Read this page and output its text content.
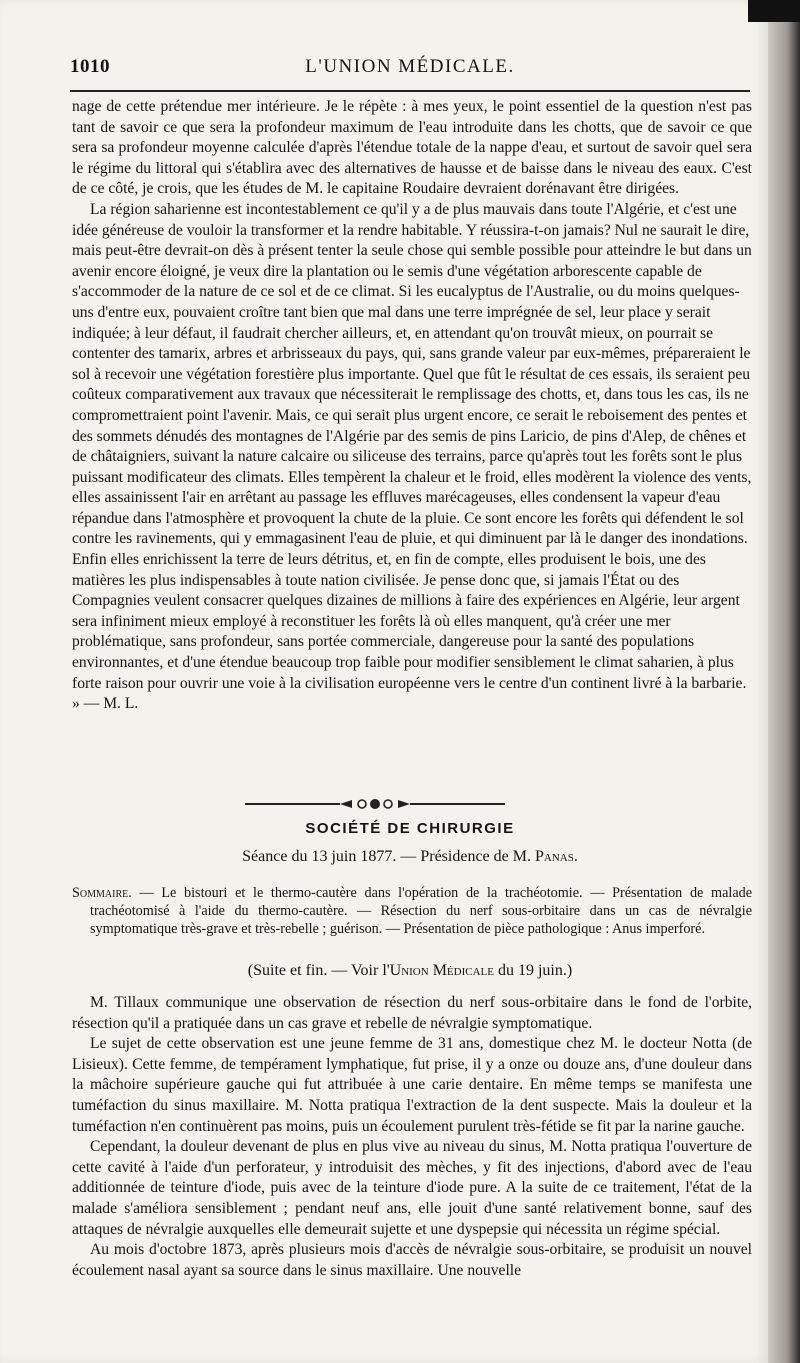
1010	L'UNION MÉDICALE.

nage de cette prétendue mer intérieure. Je le répète : à mes yeux, le point essentiel de la question n'est pas tant de savoir ce que sera la profondeur maximum de l'eau introduite dans les chotts, que de savoir ce que sera sa profondeur moyenne calculée d'après l'étendue totale de la nappe d'eau, et surtout de savoir quel sera le régime du littoral qui s'établira avec des alternatives de hausse et de baisse dans le niveau des eaux. C'est de ce côté, je crois, que les études de M. le capitaine Roudaire devraient dorénavant être dirigées.

La région saharienne est incontestablement ce qu'il y a de plus mauvais dans toute l'Algérie, et c'est une idée généreuse de vouloir la transformer et la rendre habitable. Y réussira-t-on jamais? Nul ne saurait le dire, mais peut-être devrait-on dès à présent tenter la seule chose qui semble possible pour atteindre le but dans un avenir encore éloigné, je veux dire la plantation ou le semis d'une végétation arborescente capable de s'accommoder de la nature de ce sol et de ce climat. Si les eucalyptus de l'Australie, ou du moins quelques-uns d'entre eux, pouvaient croître tant bien que mal dans une terre imprégnée de sel, leur place y serait indiquée; à leur défaut, il faudrait chercher ailleurs, et, en attendant qu'on trouvât mieux, on pourrait se contenter des tamarix, arbres et arbrisseaux du pays, qui, sans grande valeur par eux-mêmes, prépareraient le sol à recevoir une végétation forestière plus importante. Quel que fût le résultat de ces essais, ils seraient peu coûteux comparativement aux travaux que nécessiterait le remplissage des chotts, et, dans tous les cas, ils ne compromettraient point l'avenir. Mais, ce qui serait plus urgent encore, ce serait le reboisement des pentes et des sommets dénudés des montagnes de l'Algérie par des semis de pins Laricio, de pins d'Alep, de chênes et de châtaigniers, suivant la nature calcaire ou siliceuse des terrains, parce qu'après tout les forêts sont le plus puissant modificateur des climats. Elles tempèrent la chaleur et le froid, elles modèrent la violence des vents, elles assainissent l'air en arrêtant au passage les effluves marécageuses, elles condensent la vapeur d'eau répandue dans l'atmosphère et provoquent la chute de la pluie. Ce sont encore les forêts qui défendent le sol contre les ravinements, qui y emmagasinent l'eau de pluie, et qui diminuent par là le danger des inondations. Enfin elles enrichissent la terre de leurs détritus, et, en fin de compte, elles produisent le bois, une des matières les plus indispensables à toute nation civilisée. Je pense donc que, si jamais l'État ou des Compagnies veulent consacrer quelques dizaines de millions à faire des expériences en Algérie, leur argent sera infiniment mieux employé à reconstituer les forêts là où elles manquent, qu'à créer une mer problématique, sans profondeur, sans portée commerciale, dangereuse pour la santé des populations environnantes, et d'une étendue beaucoup trop faible pour modifier sensiblement le climat saharien, à plus forte raison pour ouvrir une voie à la civilisation européenne vers le centre d'un continent livré à la barbarie. » — M. L.

SOCIÉTÉ DE CHIRURGIE
Séance du 13 juin 1877. — Présidence de M. Panas.

Sommaire. — Le bistouri et le thermo-cautère dans l'opération de la trachéotomie. — Présentation de malade trachéotomisé à l'aide du thermo-cautère. — Résection du nerf sous-orbitaire dans un cas de névralgie symptomatique très-grave et très-rebelle ; guérison. — Présentation de pièce pathologique : Anus imperforé.

(Suite et fin. — Voir l'Union Médicale du 19 juin.)

M. Tillaux communique une observation de résection du nerf sous-orbitaire dans le fond de l'orbite, résection qu'il a pratiquée dans un cas grave et rebelle de névralgie symptomatique.

Le sujet de cette observation est une jeune femme de 31 ans, domestique chez M. le docteur Notta (de Lisieux). Cette femme, de tempérament lymphatique, fut prise, il y a onze ou douze ans, d'une douleur dans la mâchoire supérieure gauche qui fut attribuée à une carie dentaire. En même temps se manifesta une tuméfaction du sinus maxillaire. M. Notta pratiqua l'extraction de la dent suspecte. Mais la douleur et la tuméfaction n'en continuèrent pas moins, puis un écoulement purulent très-fétide se fit par la narine gauche.

Cependant, la douleur devenant de plus en plus vive au niveau du sinus, M. Notta pratiqua l'ouverture de cette cavité à l'aide d'un perforateur, y introduisit des mèches, y fit des injections, d'abord avec de l'eau additionnée de teinture d'iode, puis avec de la teinture d'iode pure. A la suite de ce traitement, l'état de la malade s'améliora sensiblement ; pendant neuf ans, elle jouit d'une santé relativement bonne, sauf des attaques de névralgie auxquelles elle demeurait sujette et une dyspepsie qui nécessita un régime spécial.

Au mois d'octobre 1873, après plusieurs mois d'accès de névralgie sous-orbitaire, se produisit un nouvel écoulement nasal ayant sa source dans le sinus maxillaire. Une nouvelle
